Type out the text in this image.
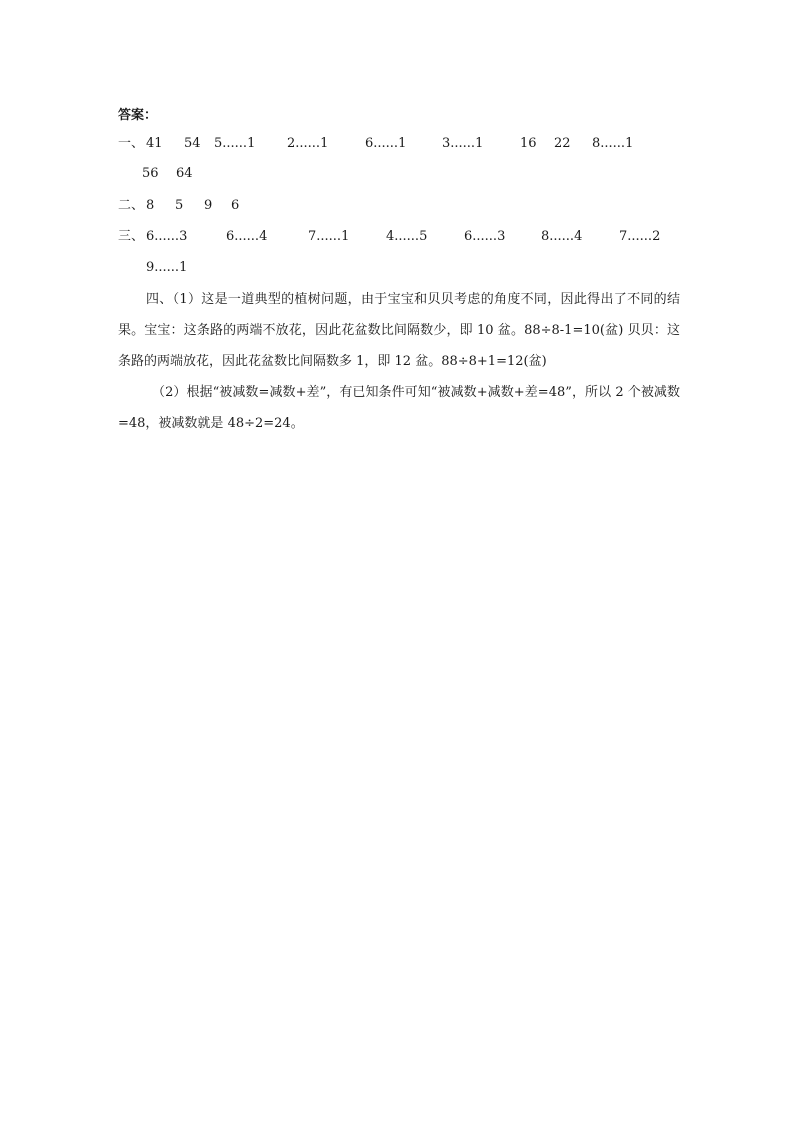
答案：
一、 41 54 5......1 2......1	6......1	3......1	16 22 8......1
56 64
二、 8 5 9 6
三、 6......3	6......4	7......1	4......5	6......3	8......4	7......2
9......1

四、（1）这是一道典型的植树问题，由于宝宝和贝贝考虑的角度不同，因此得出了不同的结果。宝宝：这条路的两端不放花，因此花盆数比间隔数少，即 10 盆。88÷8-1=10(盆) 贝贝：这条路的两端放花，因此花盆数比间隔数多 1，即 12 盆。88÷8+1=12(盆)

（2）根据“被减数=减数+差”，有已知条件可知“被减数+减数+差=48”，所以 2 个被减数=48，被减数就是 48÷2=24。
